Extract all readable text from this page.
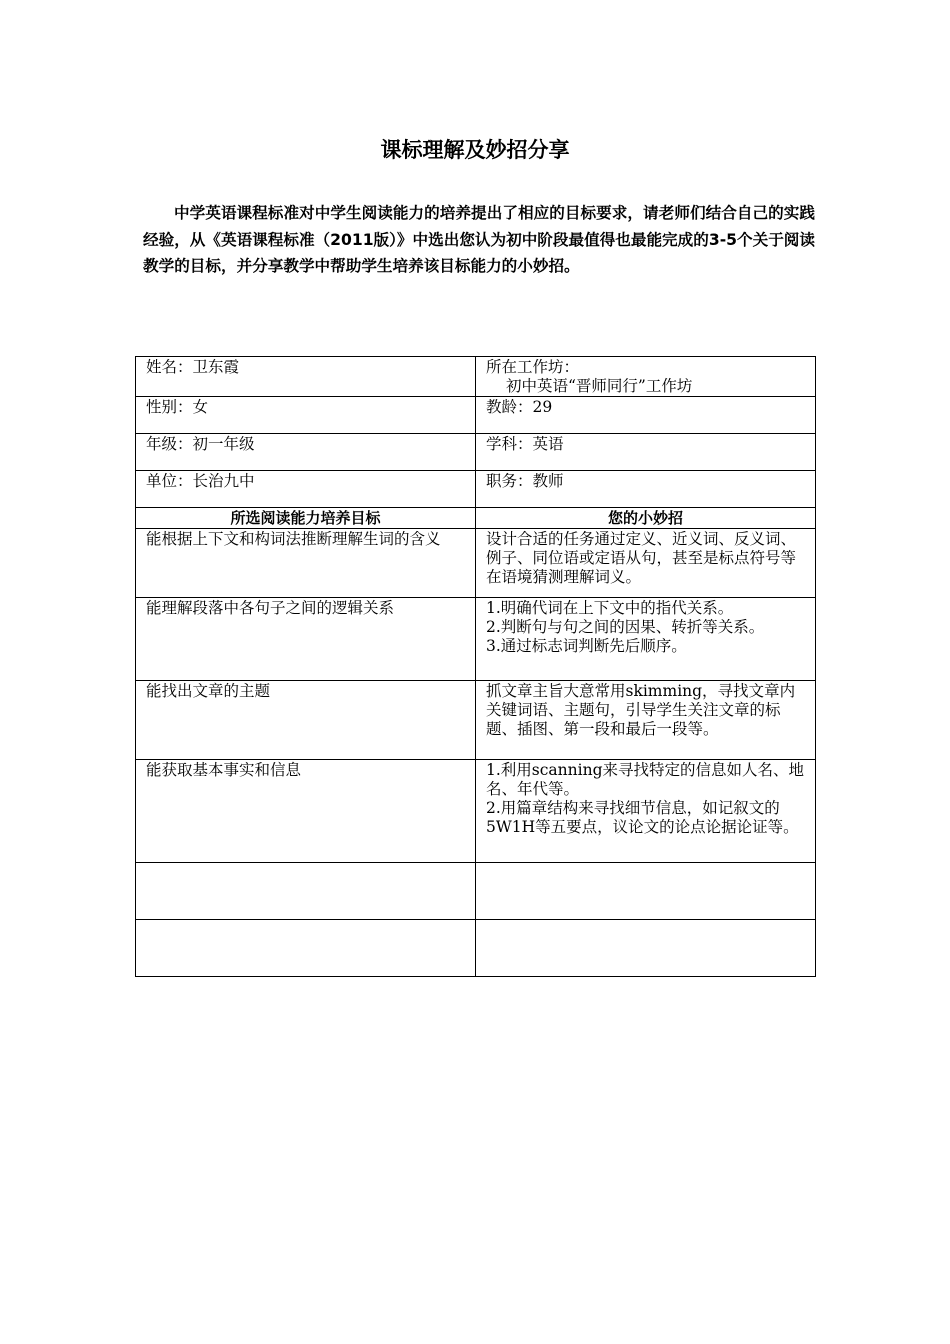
课标理解及妙招分享
中学英语课程标准对中学生阅读能力的培养提出了相应的目标要求，请老师们结合自己的实践经验，从《英语课程标准（2011版）》中选出您认为初中阶段最值得也最能完成的3-5个关于阅读教学的目标，并分享教学中帮助学生培养该目标能力的小妙招。
姓名：卫东霞	所在工作坊：
初中英语“晋师同行”工作坊

性别：女	教龄：29
年级：初一年级	学科：英语
单位：长治九中	职务：教师
所选阅读能力培养目标	您的小妙招
能根据上下文和构词法推断理解生词的含义	设计合适的任务通过定义、近义词、反义词、例子、同位语或定语从句，甚至是标点符号等在语境猜测理解词义。

能理解段落中各句子之间的逻辑关系	1.明确代词在上下文中的指代关系。
2.判断句与句之间的因果、转折等关系。
3.通过标志词判断先后顺序。

能找出文章的主题	抓文章主旨大意常用skimming，寻找文章内关键词语、主题句，引导学生关注文章的标题、插图、第一段和最后一段等。

能获取基本事实和信息	1.利用scanning来寻找特定的信息如人名、地名、年代等。
2.用篇章结构来寻找细节信息，如记叙文的5W1H等五要点，议论文的论点论据论证等。
